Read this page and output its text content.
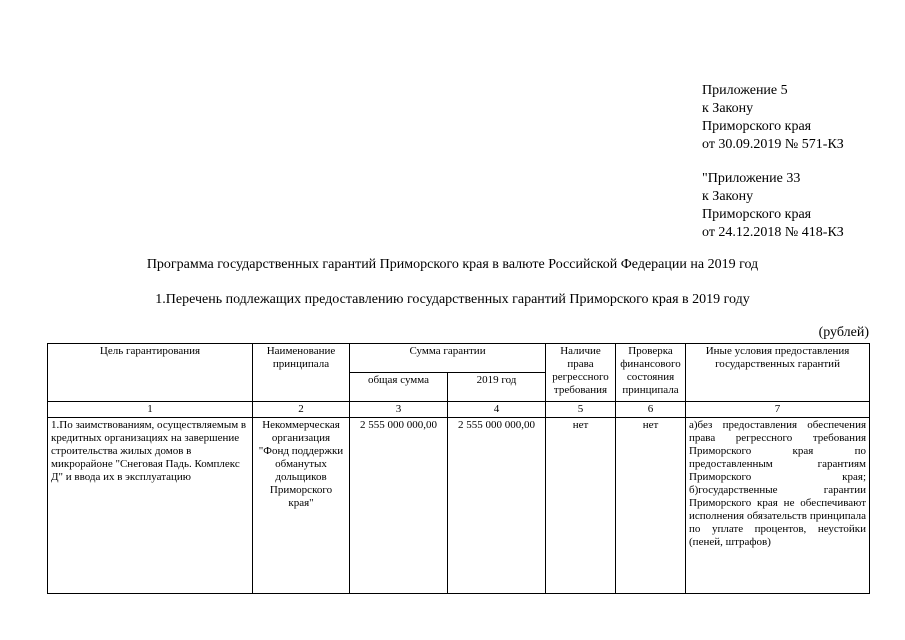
Приложение 5
к Закону
Приморского края
от 30.09.2019 № 571-КЗ
"Приложение 33
к Закону
Приморского края
от 24.12.2018 № 418-КЗ
Программа государственных гарантий Приморского края в валюте Российской Федерации на 2019 год
1.Перечень подлежащих предоставлению государственных гарантий Приморского края в 2019 году
(рублей)
Цель гарантирования	Наименование принципала	Сумма гарантии		Наличие права регрессного требования	Проверка финансового состояния принципала	Иные условия предоставления государственных гарантий
		общая сумма	2019 год			
1	2	3	4	5	6	7
1.По заимствованиям, осуществляемым в кредитных организациях на завершение строительства жилых домов в микрорайоне "Снеговая Падь. Комплекс Д" и ввода их в эксплуатацию	Некоммерческая организация "Фонд поддержки обманутых дольщиков Приморского края"	2 555 000 000,00	2 555 000 000,00	нет	нет	а)без предоставления обеспечения права регрессного требования Приморского края по предоставленным гарантиям Приморского края; б)государственные гарантии Приморского края не обеспечивают исполнения обязательств принципала по уплате процентов, неустойки (пеней, штрафов)
